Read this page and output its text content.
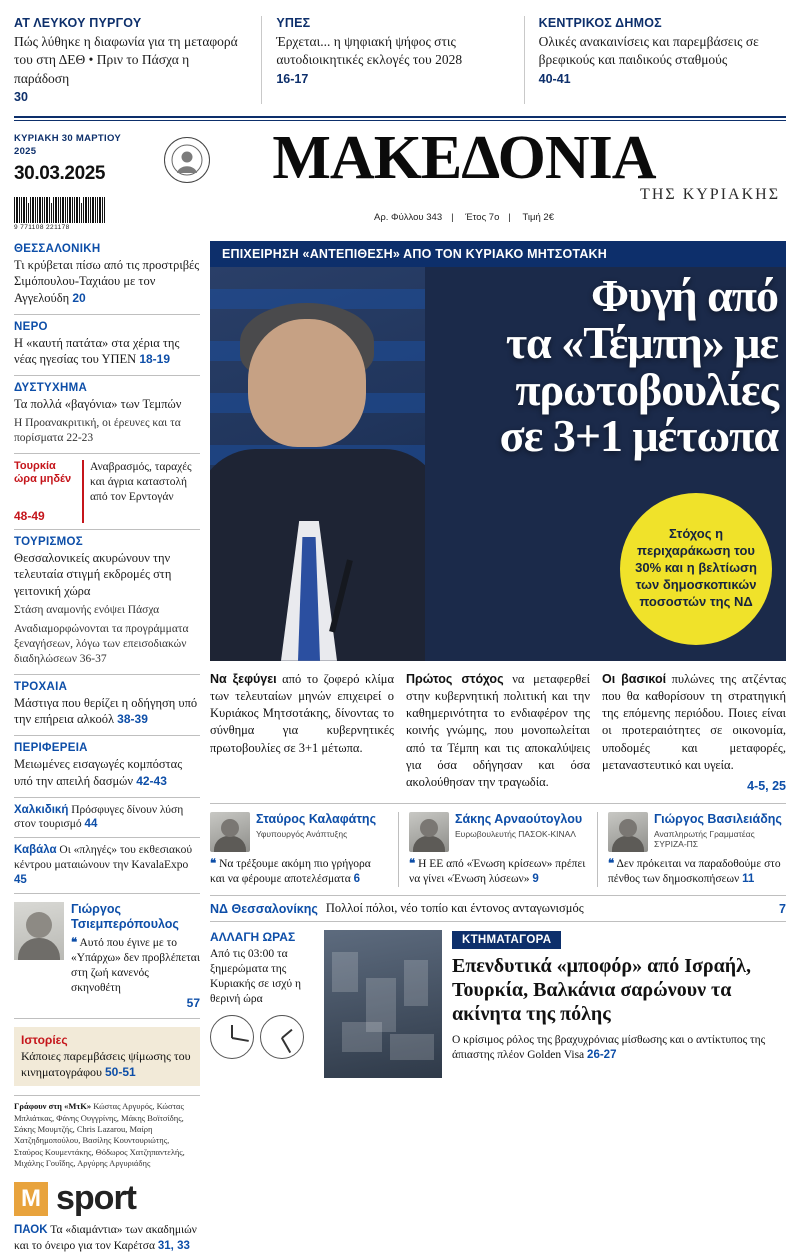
ΑΤ ΛΕΥΚΟΥ ΠΥΡΓΟΥ
Πώς λύθηκε η διαφωνία για τη μεταφορά του στη ΔΕΘ • Πριν το Πάσχα η παράδοση
30
ΥΠΕΣ
Έρχεται... η ψηφιακή ψήφος στις αυτοδιοικητικές εκλογές του 2028
16-17
ΚΕΝΤΡΙΚΟΣ ΔΗΜΟΣ
Ολικές ανακαινίσεις και παρεμβάσεις σε βρεφικούς και παιδικούς σταθμούς
40-41
ΚΥΡΙΑΚΗ 30 ΜΑΡΤΙΟΥ 2025
30.03.2025
9 771108 221178
ΜΑΚΕΔΟΝΙΑ
ΤΗΣ ΚΥΡΙΑΚΗΣ
Αρ. Φύλλου 343 | Έτος 7ο | Τιμή 2€
ΘΕΣΣΑΛΟΝΙΚΗ
Τι κρύβεται πίσω από τις προστριβές Σιμόπουλου-Ταχιάου με τον Αγγελούδη 20
ΝΕΡΟ
Η «καυτή πατάτα» στα χέρια της νέας ηγεσίας του ΥΠΕΝ 18-19
ΔΥΣΤΥΧΗΜΑ
Τα πολλά «βαγόνια» των Τεμπών
Η Προανακριτική, οι έρευνες και τα πορίσματα 22-23
Τουρκία ώρα μηδέν
48-49
Αναβρασμός, ταραχές και άγρια καταστολή από τον Ερντογάν
ΤΟΥΡΙΣΜΟΣ
Θεσσαλονικείς ακυρώνουν την τελευταία στιγμή εκδρομές στη γειτονική χώρα
Στάση αναμονής ενόψει Πάσχα
Αναδιαμορφώνονται τα προγράμματα ξεναγήσεων, λόγω των επεισοδιακών διαδηλώσεων 36-37
ΤΡΟΧΑΙΑ
Μάστιγα που θερίζει η οδήγηση υπό την επήρεια αλκοόλ 38-39
ΠΕΡΙΦΕΡΕΙΑ
Μειωμένες εισαγωγές κομπόστας υπό την απειλή δασμών 42-43
Χαλκιδική Πρόσφυγες δίνουν λύση στον τουρισμό 44
Καβάλα Οι «πληγές» του εκθεσιακού κέντρου ματαιώνουν την KavalaExpo 45
Γιώργος Τσιεμπερόπουλος
❝ Αυτό που έγινε με το «Υπάρχω» δεν προβλέπεται στη ζωή κανενός σκηνοθέτη
57
Ιστορίες
Κάποιες παρεμβάσεις ψίμωσης του κινηματογράφου 50-51
Γράφουν στη «ΜτΚ» Κώστας Αργυρός, Κώστας Μπλιάτκας, Φάνης Ουγγρίνης, Μάκης Βοϊτσίδης, Σάκης Μουμτζής, Chris Lazarou, Μαίρη Χατζηδημοπούλου, Βασίλης Κουντουριώτης, Σταύρος Κουμεντάκης, Θόδωρος Χατζηπαντελής, Μιχάλης Γουΐδης, Αργύρης Αργυριάδης
Μ sport
ΠΑΟΚ Τα «διαμάντια» των ακαδημιών και το όνειρο για τον Καρέτσα 31, 33
ΕΠΙΧΕΙΡΗΣΗ «ΑΝΤΕΠΙΘΕΣΗ» ΑΠΟ ΤΟΝ ΚΥΡΙΑΚΟ ΜΗΤΣΟΤΑΚΗ
Φυγή από
τα «Τέμπη» με
πρωτοβουλίες
σε 3+1 μέτωπα
Στόχος η περιχαράκωση του 30% και η βελτίωση των δημοσκοπικών ποσοστών της ΝΔ
Να ξεφύγει από το ζοφερό κλίμα των τελευταίων μηνών επιχειρεί ο Κυριάκος Μητσοτάκης, δίνοντας το σύνθημα για κυβερνητικές πρωτοβουλίες σε 3+1 μέτωπα.
Πρώτος στόχος να μεταφερθεί στην κυβερνητική πολιτική και την καθημερινότητα το ενδιαφέρον της κοινής γνώμης, που μονοπωλείται από τα Τέμπη και τις αποκαλύψεις για όσα οδήγησαν και όσα ακολούθησαν την τραγωδία.
Οι βασικοί πυλώνες της ατζέντας που θα καθορίσουν τη στρατηγική της επόμενης περιόδου. Ποιες είναι οι προτεραιότητες σε οικονομία, υποδομές και μεταφορές, μεταναστευτικό και υγεία.
4-5, 25
Σταύρος Καλαφάτης
Υφυπουργός Ανάπτυξης
❝ Να τρέξουμε ακόμη πιο γρήγορα και να φέρουμε αποτελέσματα 6
Σάκης Αρναούτογλου
Ευρωβουλευτής ΠΑΣΟΚ-ΚΙΝΑΛ
❝ Η ΕΕ από «Ένωση κρίσεων» πρέπει να γίνει «Ένωση λύσεων» 9
Γιώργος Βασιλειάδης
Αναπληρωτής Γραμματέας ΣΥΡΙΖΑ-ΠΣ
❝ Δεν πρόκειται να παραδοθούμε στο πένθος των δημοσκοπήσεων 11
ΝΔ Θεσσαλονίκης Πολλοί πόλοι, νέο τοπίο και έντονος ανταγωνισμός	7
ΑΛΛΑΓΗ ΩΡΑΣ
Από τις 03:00 τα ξημερώματα της Κυριακής σε ισχύ η θερινή ώρα
ΚΤΗΜΑΤΑΓΟΡΑ
Επενδυτικά «μποφόρ» από Ισραήλ, Τουρκία, Βαλκάνια σαρώνουν τα ακίνητα της πόλης
Ο κρίσιμος ρόλος της βραχυχρόνιας μίσθωσης και ο αντίκτυπος της άπιαστης πλέον Golden Visa 26-27
